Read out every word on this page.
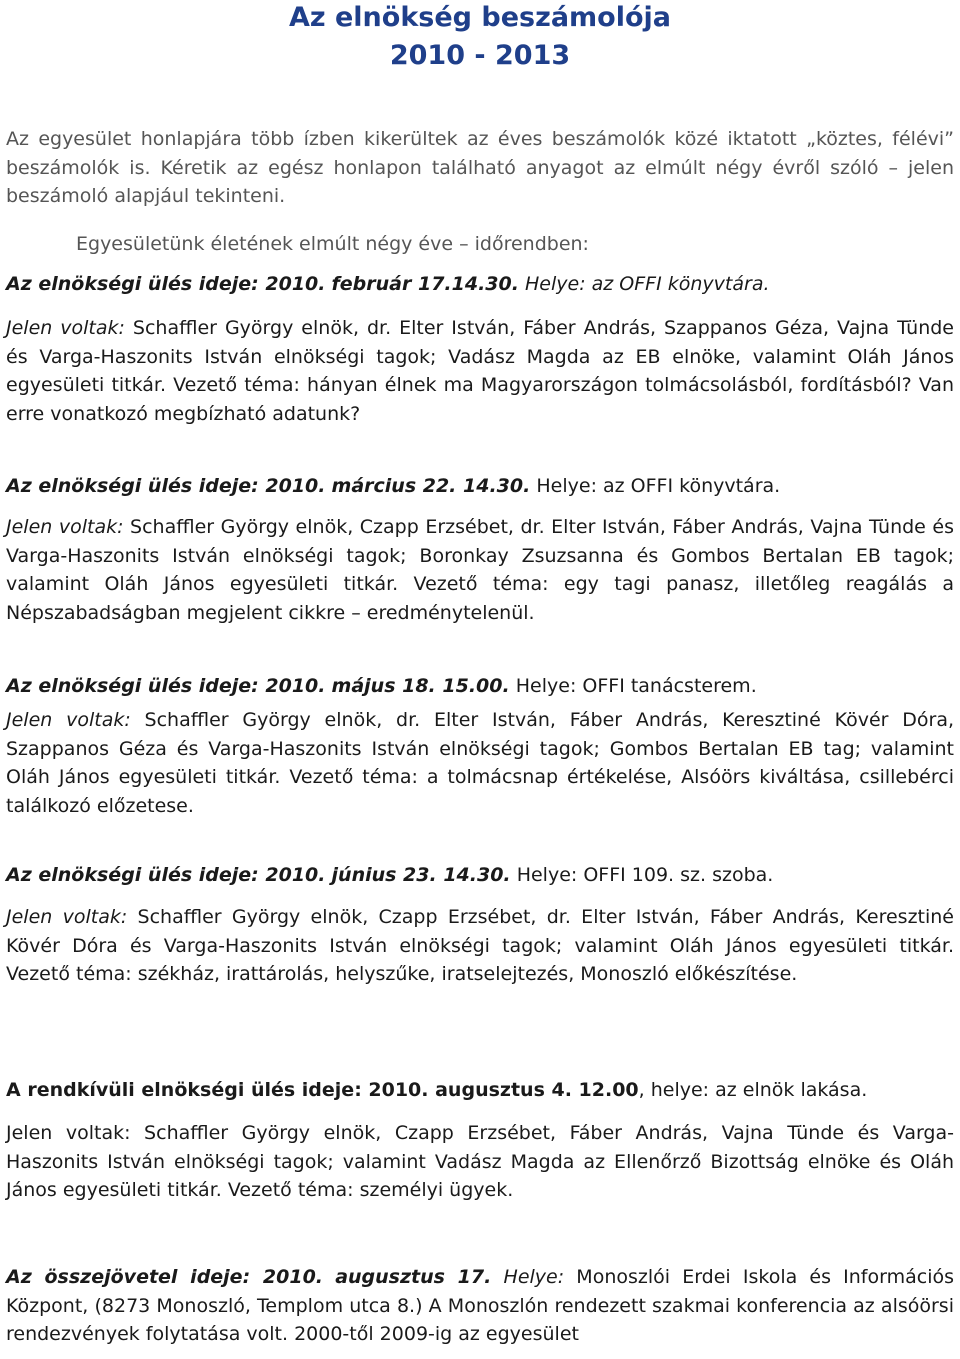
Az elnökség beszámolója
2010 - 2013

Az egyesület honlapjára több ízben kikerültek az éves beszámolók közé iktatott „köztes, félévi” beszámolók is. Kéretik az egész honlapon található anyagot az elmúlt négy évről szóló – jelen beszámoló alapjául tekinteni.

Egyesületünk életének elmúlt négy éve – időrendben:

Az elnökségi ülés ideje: 2010. február 17.14.30. Helye: az OFFI könyvtára.

Jelen voltak: Schaffler György elnök, dr. Elter István, Fáber András, Szappanos Géza, Vajna Tünde és Varga-Haszonits István elnökségi tagok; Vadász Magda az EB elnöke, valamint Oláh János egyesületi titkár. Vezető téma: hányan élnek ma Magyarországon tolmácsolásból, fordításból? Van erre vonatkozó megbízható adatunk?

Az elnökségi ülés ideje: 2010. március 22. 14.30. Helye: az OFFI könyvtára.

Jelen voltak: Schaffler György elnök, Czapp Erzsébet, dr. Elter István, Fáber András, Vajna Tünde és Varga-Haszonits István elnökségi tagok; Boronkay Zsuzsanna és Gombos Bertalan EB tagok; valamint Oláh János egyesületi titkár. Vezető téma: egy tagi panasz, illetőleg reagálás a Népszabadságban megjelent cikkre – eredménytelenül.

Az elnökségi ülés ideje: 2010. május 18. 15.00. Helye: OFFI tanácsterem.

Jelen voltak: Schaffler György elnök, dr. Elter István, Fáber András, Keresztiné Kövér Dóra, Szappanos Géza és Varga-Haszonits István elnökségi tagok; Gombos Bertalan EB tag; valamint Oláh János egyesületi titkár. Vezető téma: a tolmácsnap értékelése, Alsóörs kiváltása, csillebérci találkozó előzetese.

Az elnökségi ülés ideje: 2010. június 23. 14.30. Helye: OFFI 109. sz. szoba.

Jelen voltak: Schaffler György elnök, Czapp Erzsébet, dr. Elter István, Fáber András, Keresztiné Kövér Dóra és Varga-Haszonits István elnökségi tagok; valamint Oláh János egyesületi titkár. Vezető téma: székház, irattárolás, helyszűke, iratselejtezés, Monoszló előkészítése.

A rendkívüli elnökségi ülés ideje: 2010. augusztus 4. 12.00, helye: az elnök lakása.

Jelen voltak: Schaffler György elnök, Czapp Erzsébet, Fáber András, Vajna Tünde és Varga-Haszonits István elnökségi tagok; valamint Vadász Magda az Ellenőrző Bizottság elnöke és Oláh János egyesületi titkár. Vezető téma: személyi ügyek.

Az összejövetel ideje: 2010. augusztus 17. Helye: Monoszlói Erdei Iskola és Információs Központ, (8273 Monoszló, Templom utca 8.) A Monoszlón rendezett szakmai konferencia az alsóörsi rendezvények folytatása volt. 2000-től 2009-ig az egyesület
